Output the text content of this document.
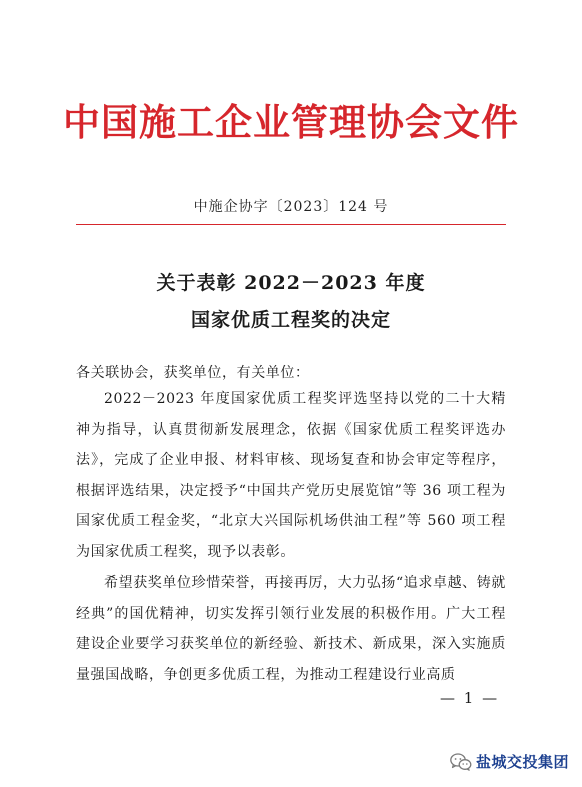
中国施工企业管理协会文件
中施企协字〔2023〕124 号
关于表彰 2022－2023 年度
国家优质工程奖的决定
各关联协会，获奖单位，有关单位：

2022－2023 年度国家优质工程奖评选坚持以党的二十大精神为指导，认真贯彻新发展理念，依据《国家优质工程奖评选办法》，完成了企业申报、材料审核、现场复查和协会审定等程序，根据评选结果，决定授予“中国共产党历史展览馆”等 36 项工程为国家优质工程金奖，“北京大兴国际机场供油工程”等 560 项工程为国家优质工程奖，现予以表彰。

希望获奖单位珍惜荣誉，再接再厉，大力弘扬“追求卓越、铸就经典”的国优精神，切实发挥引领行业发展的积极作用。广大工程建设企业要学习获奖单位的新经验、新技术、新成果，深入实施质量强国战略，争创更多优质工程，为推动工程建设行业高质

— 1 —
盐城交投集团
